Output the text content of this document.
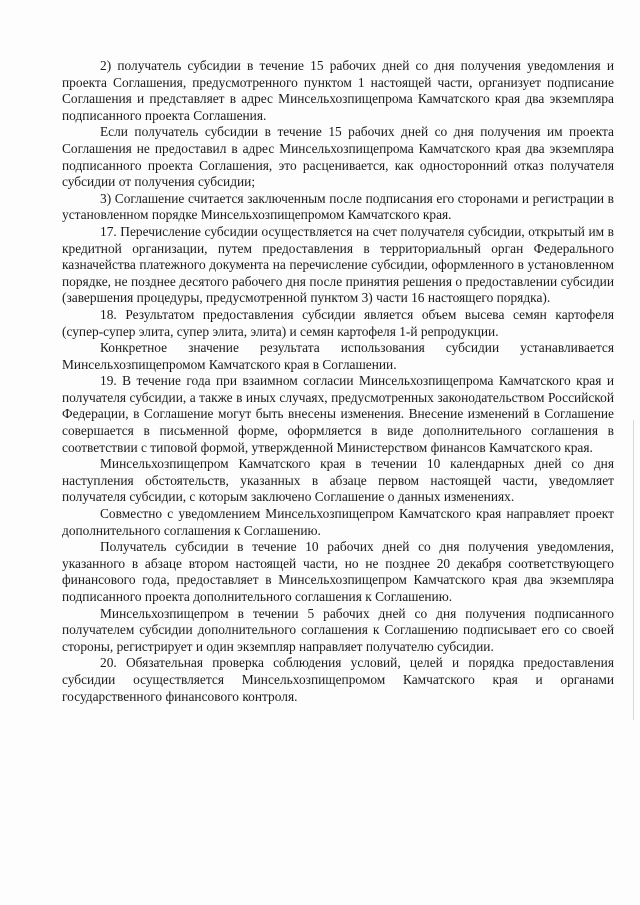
2) получатель субсидии в течение 15 рабочих дней со дня получения уведомления и проекта Соглашения, предусмотренного пунктом 1 настоящей части, организует подписание Соглашения и представляет в адрес Минсельхозпищепрома Камчатского края два экземпляра подписанного проекта Соглашения.

Если получатель субсидии в течение 15 рабочих дней со дня получения им проекта Соглашения не предоставил в адрес Минсельхозпищепрома Камчатского края два экземпляра подписанного проекта Соглашения, это расценивается, как односторонний отказ получателя субсидии от получения субсидии;

3) Соглашение считается заключенным после подписания его сторонами и регистрации в установленном порядке Минсельхозпищепромом Камчатского края.

17. Перечисление субсидии осуществляется на счет получателя субсидии, открытый им в кредитной организации, путем предоставления в территориальный орган Федерального казначейства платежного документа на перечисление субсидии, оформленного в установленном порядке, не позднее десятого рабочего дня после принятия решения о предоставлении субсидии (завершения процедуры, предусмотренной пунктом 3) части 16 настоящего порядка).

18. Результатом предоставления субсидии является объем высева семян картофеля (супер-супер элита, супер элита, элита) и семян картофеля 1-й репродукции.

Конкретное значение результата использования субсидии устанавливается Минсельхозпищепромом Камчатского края в Соглашении.

19. В течение года при взаимном согласии Минсельхозпищепрома Камчатского края и получателя субсидии, а также в иных случаях, предусмотренных законодательством Российской Федерации, в Соглашение могут быть внесены изменения. Внесение изменений в Соглашение совершается в письменной форме, оформляется в виде дополнительного соглашения в соответствии с типовой формой, утвержденной Министерством финансов Камчатского края.

Минсельхозпищепром Камчатского края в течении 10 календарных дней со дня наступления обстоятельств, указанных в абзаце первом настоящей части, уведомляет получателя субсидии, с которым заключено Соглашение о данных изменениях.

Совместно с уведомлением Минсельхозпищепром Камчатского края направляет проект дополнительного соглашения к Соглашению.

Получатель субсидии в течение 10 рабочих дней со дня получения уведомления, указанного в абзаце втором настоящей части, но не позднее 20 декабря соответствующего финансового года, предоставляет в Минсельхозпищепром Камчатского края два экземпляра подписанного проекта дополнительного соглашения к Соглашению.

Минсельхозпищепром в течении 5 рабочих дней со дня получения подписанного получателем субсидии дополнительного соглашения к Соглашению подписывает его со своей стороны, регистрирует и один экземпляр направляет получателю субсидии.

20. Обязательная проверка соблюдения условий, целей и порядка предоставления субсидии осуществляется Минсельхозпищепромом Камчатского края и органами государственного финансового контроля.
